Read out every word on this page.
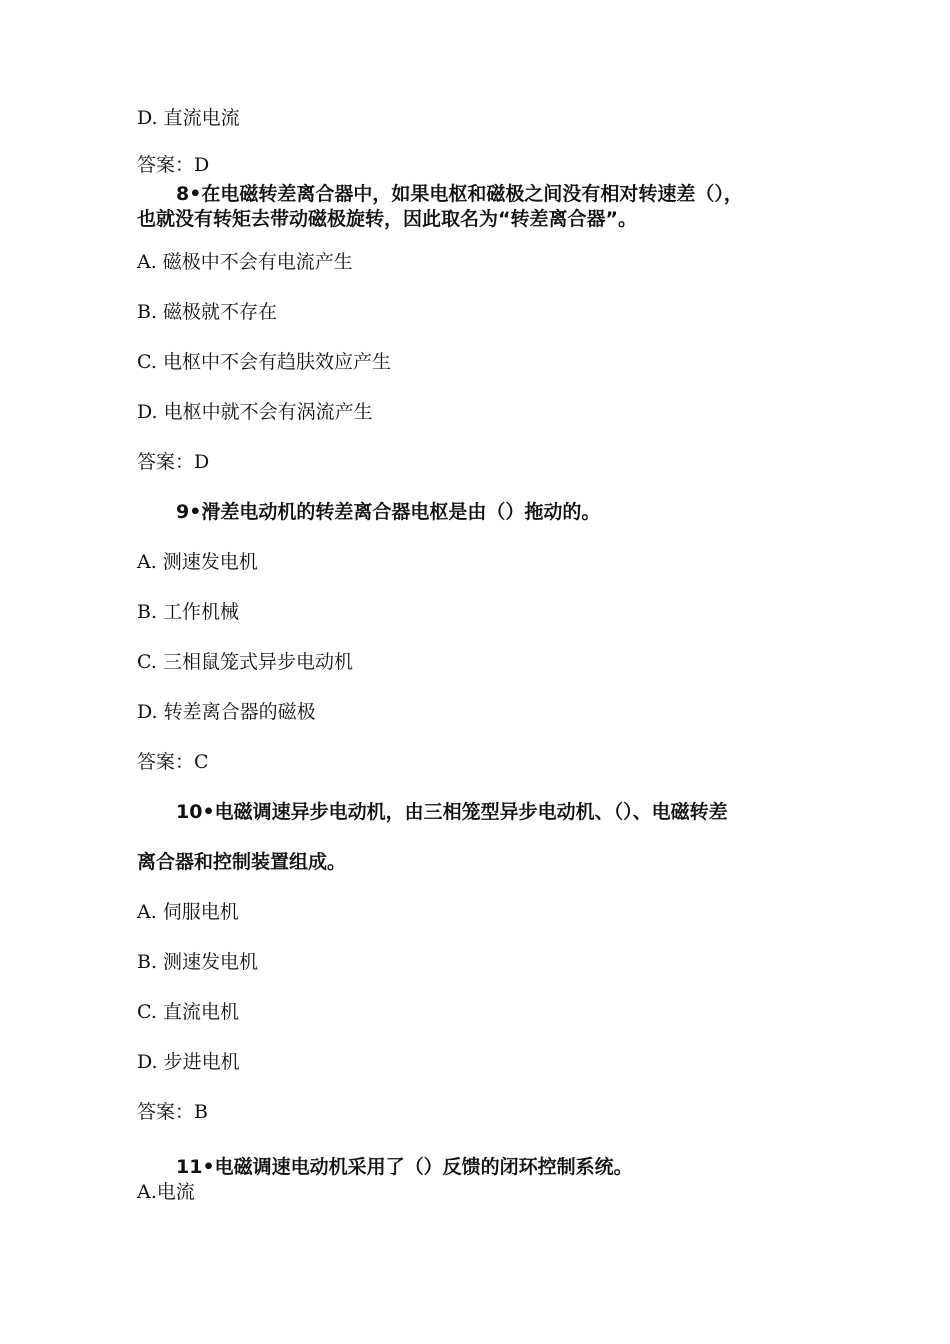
D. 直流电流
答案：D
8•在电磁转差离合器中，如果电枢和磁极之间没有相对转速差（），
也就没有转矩去带动磁极旋转，因此取名为“转差离合器”。
A. 磁极中不会有电流产生
B. 磁极就不存在
C. 电枢中不会有趋肤效应产生
D. 电枢中就不会有涡流产生
答案：D
9•滑差电动机的转差离合器电枢是由（）拖动的。
A. 测速发电机
B. 工作机械
C. 三相鼠笼式异步电动机
D. 转差离合器的磁极
答案：C
10•电磁调速异步电动机，由三相笼型异步电动机、（）、电磁转差
离合器和控制装置组成。
A. 伺服电机
B. 测速发电机
C. 直流电机
D. 步进电机
答案：B
11•电磁调速电动机采用了（）反馈的闭环控制系统。
A.电流
